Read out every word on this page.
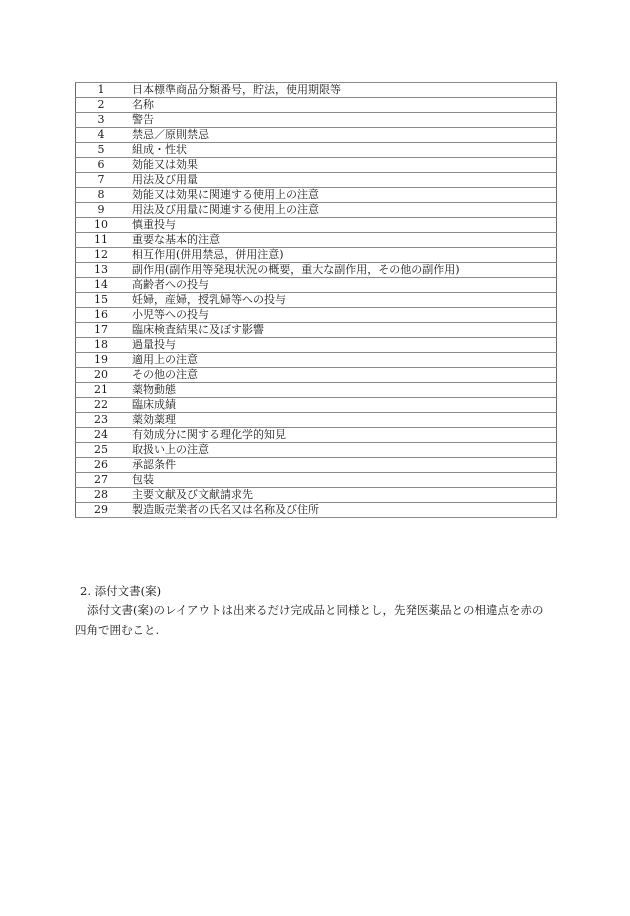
1	日本標準商品分類番号，貯法，使用期限等
2	名称
3	警告
4	禁忌／原則禁忌
5	組成・性状
6	効能又は効果
7	用法及び用量
8	効能又は効果に関連する使用上の注意
9	用法及び用量に関連する使用上の注意
10	慎重投与
11	重要な基本的注意
12	相互作用(併用禁忌，併用注意)
13	副作用(副作用等発現状況の概要，重大な副作用，その他の副作用)
14	高齢者への投与
15	妊婦，産婦，授乳婦等への投与
16	小児等への投与
17	臨床検査結果に及ぼす影響
18	過量投与
19	適用上の注意
20	その他の注意
21	薬物動態
22	臨床成績
23	薬効薬理
24	有効成分に関する理化学的知見
25	取扱い上の注意
26	承認条件
27	包装
28	主要文献及び文献請求先
29	製造販売業者の氏名又は名称及び住所
2. 添付文書(案)
添付文書(案)のレイアウトは出来るだけ完成品と同様とし，先発医薬品との相違点を赤の四角で囲むこと.
